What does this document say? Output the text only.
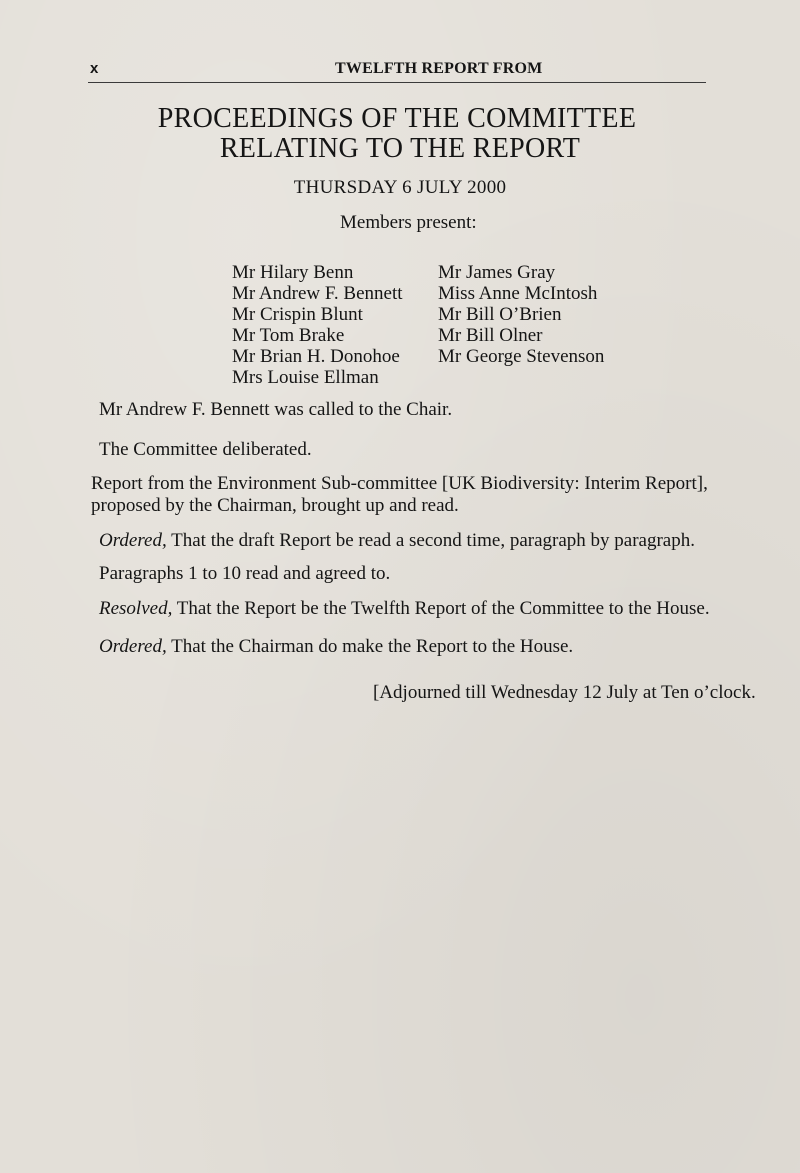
x	TWELFTH REPORT FROM
PROCEEDINGS OF THE COMMITTEE
RELATING TO THE REPORT
THURSDAY 6 JULY 2000
Members present:
Mr Hilary Benn
Mr Andrew F. Bennett
Mr Crispin Blunt
Mr Tom Brake
Mr Brian H. Donohoe
Mrs Louise Ellman
Mr James Gray
Miss Anne McIntosh
Mr Bill O’Brien
Mr Bill Olner
Mr George Stevenson
Mr Andrew F. Bennett was called to the Chair.
The Committee deliberated.
Report from the Environment Sub-committee [UK Biodiversity: Interim Report], proposed by the Chairman, brought up and read.
Ordered, That the draft Report be read a second time, paragraph by paragraph.
Paragraphs 1 to 10 read and agreed to.
Resolved, That the Report be the Twelfth Report of the Committee to the House.
Ordered, That the Chairman do make the Report to the House.
[Adjourned till Wednesday 12 July at Ten o’clock.
